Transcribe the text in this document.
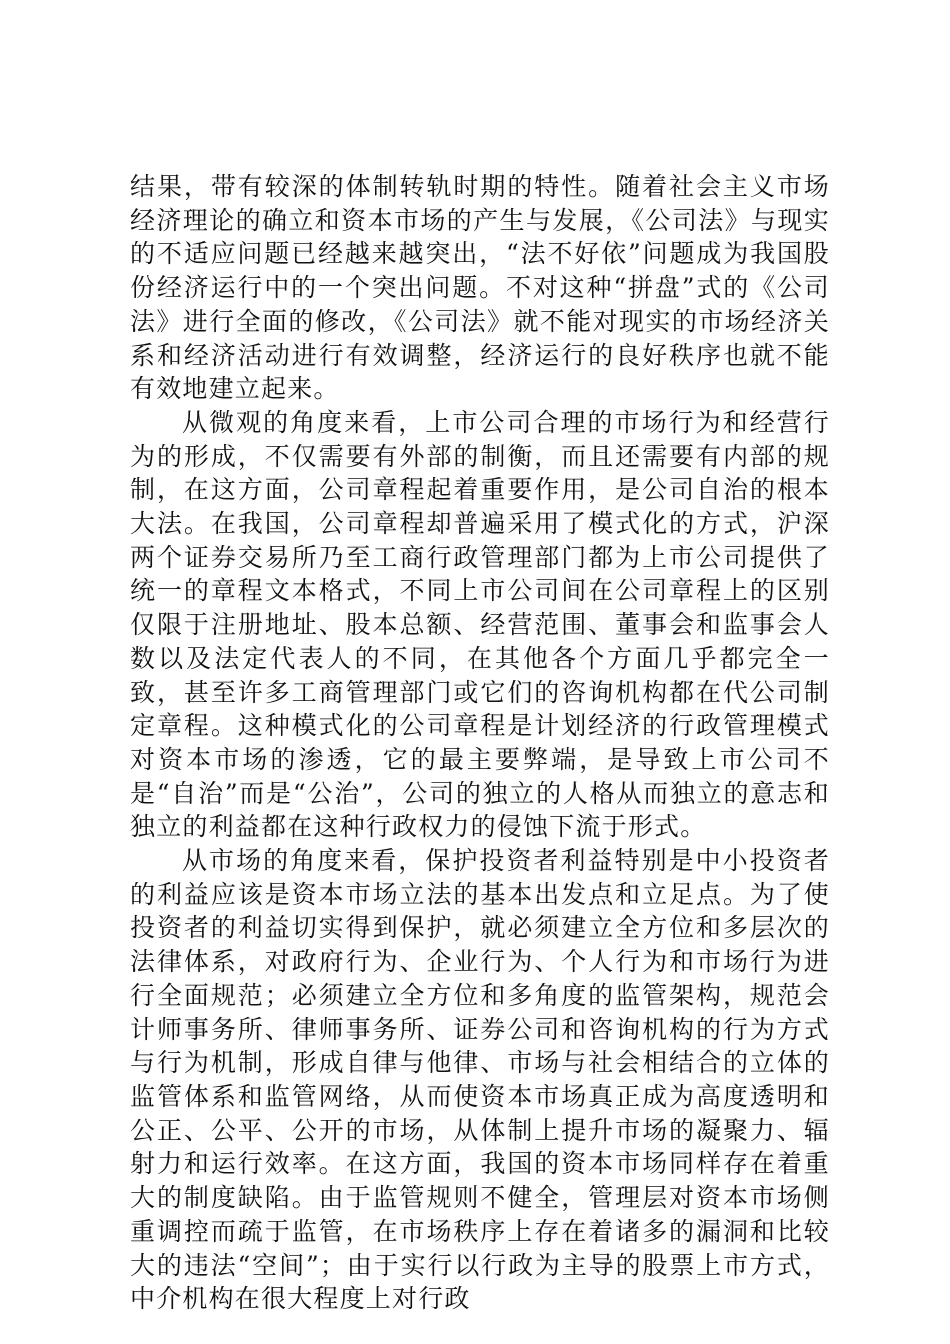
结果，带有较深的体制转轨时期的特性。随着社会主义市场经济理论的确立和资本市场的产生与发展，《公司法》与现实的不适应问题已经越来越突出，“法不好依”问题成为我国股份经济运行中的一个突出问题。不对这种“拼盘”式的《公司法》进行全面的修改，《公司法》就不能对现实的市场经济关系和经济活动进行有效调整，经济运行的良好秩序也就不能有效地建立起来。

从微观的角度来看，上市公司合理的市场行为和经营行为的形成，不仅需要有外部的制衡，而且还需要有内部的规制，在这方面，公司章程起着重要作用，是公司自治的根本大法。在我国，公司章程却普遍采用了模式化的方式，沪深两个证券交易所乃至工商行政管理部门都为上市公司提供了统一的章程文本格式，不同上市公司间在公司章程上的区别仅限于注册地址、股本总额、经营范围、董事会和监事会人数以及法定代表人的不同，在其他各个方面几乎都完全一致，甚至许多工商管理部门或它们的咨询机构都在代公司制定章程。这种模式化的公司章程是计划经济的行政管理模式对资本市场的渗透，它的最主要弊端，是导致上市公司不是“自治”而是“公治”，公司的独立的人格从而独立的意志和独立的利益都在这种行政权力的侵蚀下流于形式。

从市场的角度来看，保护投资者利益特别是中小投资者的利益应该是资本市场立法的基本出发点和立足点。为了使投资者的利益切实得到保护，就必须建立全方位和多层次的法律体系，对政府行为、企业行为、个人行为和市场行为进行全面规范；必须建立全方位和多角度的监管架构，规范会计师事务所、律师事务所、证券公司和咨询机构的行为方式与行为机制，形成自律与他律、市场与社会相结合的立体的监管体系和监管网络，从而使资本市场真正成为高度透明和公正、公平、公开的市场，从体制上提升市场的凝聚力、辐射力和运行效率。在这方面，我国的资本市场同样存在着重大的制度缺陷。由于监管规则不健全，管理层对资本市场侧重调控而疏于监管，在市场秩序上存在着诸多的漏洞和比较大的违法“空间”；由于实行以行政为主导的股票上市方式，中介机构在很大程度上对行政
